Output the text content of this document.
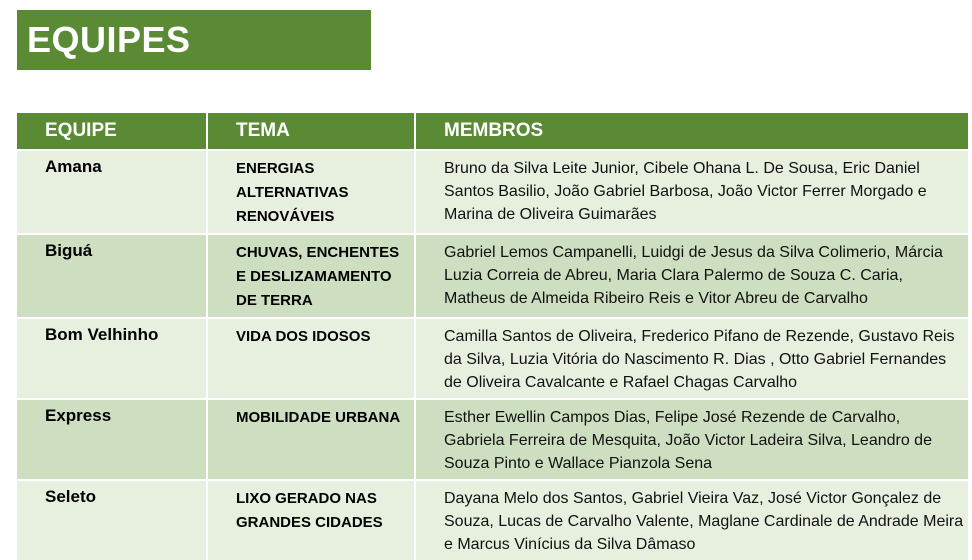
EQUIPES
EQUIPE	TEMA	MEMBROS
Amana	ENERGIAS ALTERNATIVAS RENOVÁVEIS	Bruno da Silva Leite Junior, Cibele Ohana L. De Sousa, Eric Daniel Santos Basilio, João Gabriel Barbosa, João Victor Ferrer Morgado e Marina de Oliveira Guimarães
Biguá	CHUVAS, ENCHENTES E DESLIZAMAMENTO DE TERRA	Gabriel Lemos Campanelli, Luidgi de Jesus da Silva Colimerio, Márcia Luzia Correia de Abreu, Maria Clara Palermo de Souza C. Caria, Matheus de Almeida Ribeiro Reis e Vitor Abreu de Carvalho
Bom Velhinho	VIDA DOS IDOSOS	Camilla Santos de Oliveira, Frederico Pifano de Rezende, Gustavo Reis da Silva, Luzia Vitória do Nascimento R. Dias , Otto Gabriel Fernandes de Oliveira Cavalcante e Rafael Chagas Carvalho
Express	MOBILIDADE URBANA	Esther Ewellin Campos Dias, Felipe José Rezende de Carvalho, Gabriela Ferreira de Mesquita, João Victor Ladeira Silva, Leandro de Souza Pinto e Wallace Pianzola Sena
Seleto	LIXO GERADO NAS GRANDES CIDADES	Dayana Melo dos Santos, Gabriel Vieira Vaz, José Victor Gonçalez de Souza, Lucas de Carvalho Valente, Maglane Cardinale de Andrade Meira e Marcus Vinícius da Silva Dâmaso
